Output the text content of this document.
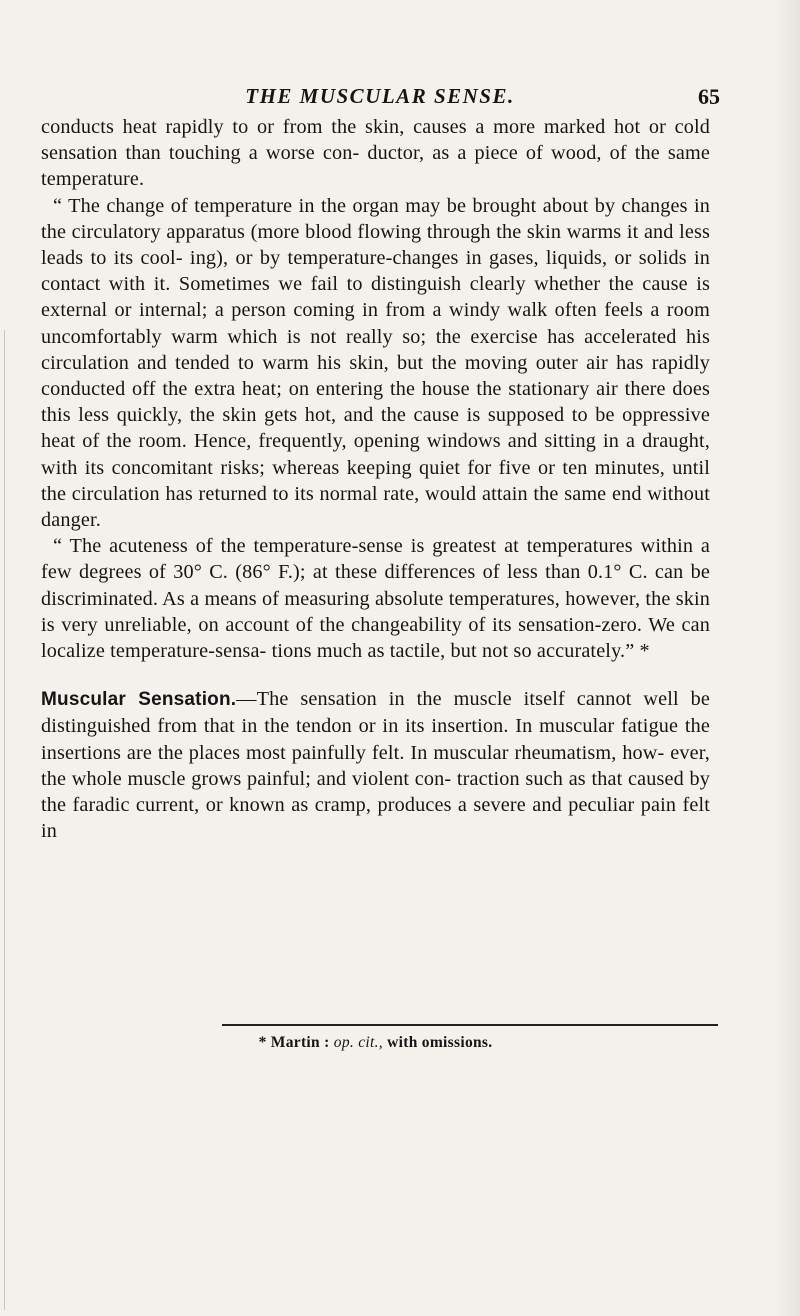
THE MUSCULAR SENSE.	65

conducts heat rapidly to or from the skin, causes a more marked hot or cold sensation than touching a worse con- ductor, as a piece of wood, of the same temperature.

“ The change of temperature in the organ may be brought about by changes in the circulatory apparatus (more blood flowing through the skin warms it and less leads to its cool- ing), or by temperature-changes in gases, liquids, or solids in contact with it. Sometimes we fail to distinguish clearly whether the cause is external or internal; a person coming in from a windy walk often feels a room uncomfortably warm which is not really so; the exercise has accelerated his circulation and tended to warm his skin, but the moving outer air has rapidly conducted off the extra heat; on entering the house the stationary air there does this less quickly, the skin gets hot, and the cause is supposed to be oppressive heat of the room. Hence, frequently, opening windows and sitting in a draught, with its concomitant risks; whereas keeping quiet for five or ten minutes, until the circulation has returned to its normal rate, would attain the same end without danger.

“ The acuteness of the temperature-sense is greatest at temperatures within a few degrees of 30° C. (86° F.); at these differences of less than 0.1° C. can be discriminated. As a means of measuring absolute temperatures, however, the skin is very unreliable, on account of the changeability of its sensation-zero. We can localize temperature-sensa- tions much as tactile, but not so accurately.” *

Muscular Sensation.—The sensation in the muscle itself cannot well be distinguished from that in the tendon or in its insertion. In muscular fatigue the insertions are the places most painfully felt. In muscular rheumatism, how- ever, the whole muscle grows painful; and violent con- traction such as that caused by the faradic current, or known as cramp, produces a severe and peculiar pain felt in

* Martin : op. cit., with omissions.
